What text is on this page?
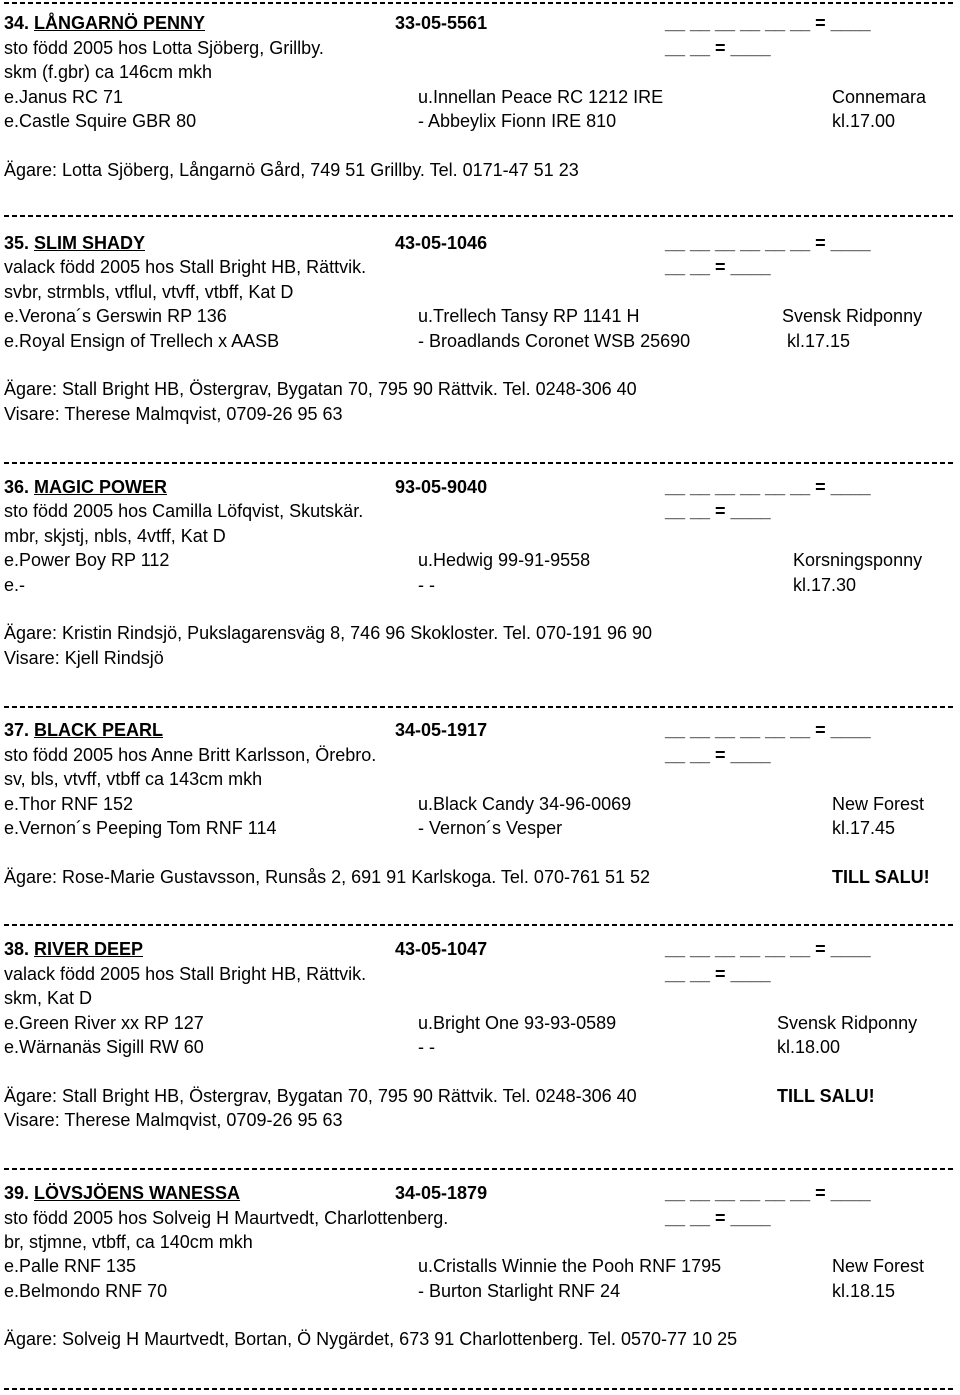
34. LÅNGARNÖ PENNY	33-05-5561	__ __ __ __ __ __ = ____
sto född 2005 hos Lotta Sjöberg, Grillby.	__ __ = ____
skm (f.gbr) ca 146cm mkh
e.Janus RC 71	u.Innellan Peace RC 1212 IRE	Connemara
e.Castle Squire GBR 80	- Abbeylix Fionn IRE 810	kl.17.00
Ägare: Lotta Sjöberg, Långarnö Gård, 749 51 Grillby. Tel. 0171-47 51 23
35. SLIM SHADY	43-05-1046	__ __ __ __ __ __ = ____
valack född 2005 hos Stall Bright HB, Rättvik.	__ __ = ____
svbr, strmbls, vtflul, vtvff, vtbff, Kat D
e.Verona´s Gerswin RP 136	u.Trellech Tansy RP 1141 H	Svensk Ridponny
e.Royal Ensign of Trellech x AASB	- Broadlands Coronet WSB 25690	kl.17.15
Ägare: Stall Bright HB, Östergrav, Bygatan 70, 795 90 Rättvik. Tel. 0248-306 40
Visare: Therese Malmqvist, 0709-26 95 63
36. MAGIC POWER	93-05-9040	__ __ __ __ __ __ = ____
sto född 2005 hos Camilla Löfqvist, Skutskär.	__ __ = ____
mbr, skjstj, nbls, 4vtff, Kat D
e.Power Boy RP 112	u.Hedwig 99-91-9558	Korsningsponny
e.-	- -	kl.17.30
Ägare: Kristin Rindsjö, Pukslagarensväg 8, 746 96 Skokloster. Tel. 070-191 96 90
Visare: Kjell Rindsjö
37. BLACK PEARL	34-05-1917	__ __ __ __ __ __ = ____
sto född 2005 hos Anne Britt Karlsson, Örebro.	__ __ = ____
sv, bls, vtvff, vtbff ca 143cm mkh
e.Thor RNF 152	u.Black Candy 34-96-0069	New Forest
e.Vernon´s Peeping Tom RNF 114	- Vernon´s Vesper	kl.17.45
Ägare: Rose-Marie Gustavsson, Runsås 2, 691 91 Karlskoga. Tel. 070-761 51 52	TILL SALU!
38. RIVER DEEP	43-05-1047	__ __ __ __ __ __ = ____
valack född 2005 hos Stall Bright HB, Rättvik.	__ __ = ____
skm, Kat D
e.Green River xx RP 127	u.Bright One 93-93-0589	Svensk Ridponny
e.Wärnanäs Sigill RW 60	- -	kl.18.00
Ägare: Stall Bright HB, Östergrav, Bygatan 70, 795 90 Rättvik. Tel. 0248-306 40	TILL SALU!
Visare: Therese Malmqvist, 0709-26 95 63
39. LÖVSJÖENS WANESSA	34-05-1879	__ __ __ __ __ __ = ____
sto född 2005 hos Solveig H Maurtvedt, Charlottenberg.	__ __ = ____
br, stjmne, vtbff, ca 140cm mkh
e.Palle RNF 135	u.Cristalls Winnie the Pooh RNF 1795	New Forest
e.Belmondo RNF 70	- Burton Starlight RNF 24	kl.18.15
Ägare: Solveig H Maurtvedt, Bortan, Ö Nygärdet, 673 91 Charlottenberg. Tel. 0570-77 10 25
